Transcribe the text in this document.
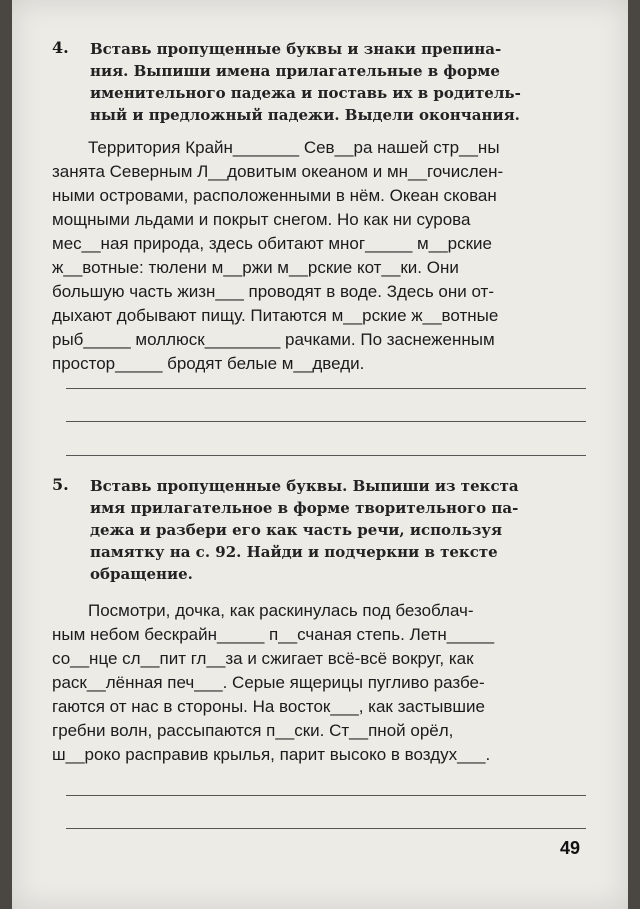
4. Вставь пропущенные буквы и знаки препина-
ния. Выпиши имена прилагательные в форме
именительного падежа и поставь их в родитель-
ный и предложный падежи. Выдели окончания.
Территория Крайн_______ Сев__ра нашей стр__ны
занята Северным Л__довитым океаном и мн__гочислен-
ными островами, расположенными в нём. Океан скован
мощными льдами и покрыт снегом. Но как ни сурова
мес__ная природа, здесь обитают мног_____ м__рские
ж__вотные: тюлени м__ржи м__рские кот__ки. Они
большую часть жизн___ проводят в воде. Здесь они от-
дыхают добывают пищу. Питаются м__рские ж__вотные
рыб_____ моллюск________ рачками. По заснеженным
простор_____ бродят белые м__дведи.
5. Вставь пропущенные буквы. Выпиши из текста
имя прилагательное в форме творительного па-
дежа и разбери его как часть речи, используя
памятку на с. 92. Найди и подчеркни в тексте
обращение.
Посмотри, дочка, как раскинулась под безоблач-
ным небом бескрайн_____ п__счаная степь. Летн_____
со__нце сл__пит гл__за и сжигает всё-всё вокруг, как
раск__лённая печ___. Серые ящерицы пугливо разбе-
гаются от нас в стороны. На восток___, как застывшие
гребни волн, рассыпаются п__ски. Ст__пной орёл,
ш__роко расправив крылья, парит высоко в воздух___.
49
